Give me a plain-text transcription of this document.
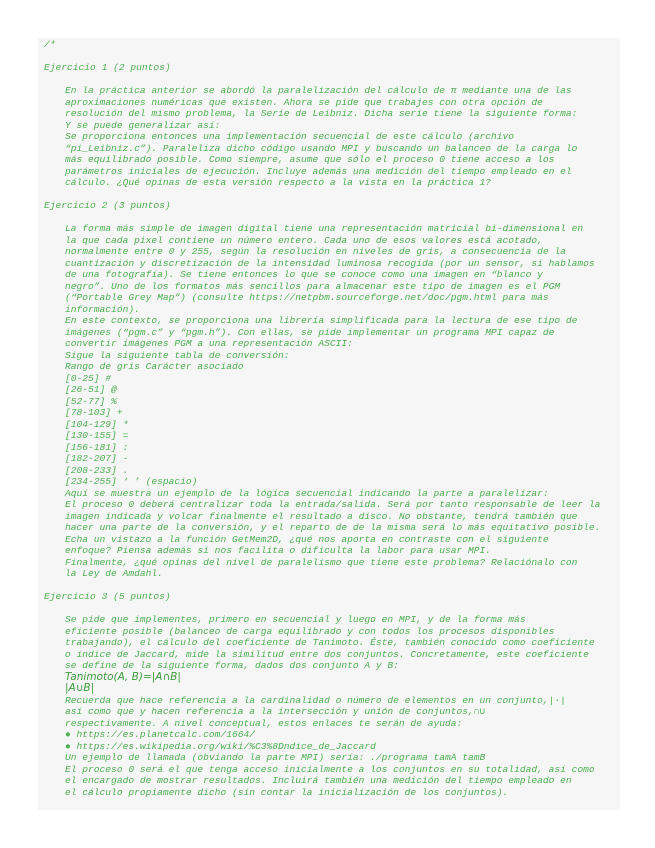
/*
Ejercicio 1 (2 puntos)
En la práctica anterior se abordó la paralelización del cálculo de π mediante una de las
aproximaciones numéricas que existen. Ahora se pide que trabajes con otra opción de
resolución del mismo problema, la Serie de Leibniz. Dicha serie tiene la siguiente forma:
Y se puede generalizar así:
Se proporciona entonces una implementación secuencial de este cálculo (archivo
“pi_Leibniz.c”). Paraleliza dicho código usando MPI y buscando un balanceo de la carga lo
más equilibrado posible. Como siempre, asume que sólo el proceso 0 tiene acceso a los
parámetros iniciales de ejecución. Incluye además una medición del tiempo empleado en el
cálculo. ¿Qué opinas de esta versión respecto a la vista en la práctica 1?
Ejercicio 2 (3 puntos)
La forma más simple de imagen digital tiene una representación matricial bi-dimensional en
la que cada pixel contiene un número entero. Cada uno de esos valores está acotado,
normalmente entre 0 y 255, según la resolución en niveles de gris, a consecuencia de la
cuantización y discretización de la intensidad luminosa recogida (por un sensor, si hablamos
de una fotografía). Se tiene entonces lo que se conoce como una imagen en “blanco y
negro”. Uno de los formatos más sencillos para almacenar este tipo de imagen es el PGM
(“Portable Grey Map”) (consulte https://netpbm.sourceforge.net/doc/pgm.html para más
información).
En este contexto, se proporciona una librería simplificada para la lectura de ese tipo de
imágenes (“pgm.c” y “pgm.h”). Con ellas, se pide implementar un programa MPI capaz de
convertir imágenes PGM a una representación ASCII:
Sigue la siguiente tabla de conversión:
Rango de gris Carácter asociado
[0-25] #
[26-51] @
[52-77] %
[78-103] +
[104-129] *
[130-155] =
[156-181] :
[182-207] -
[208-233] .
[234-255] ‘ ’ (espacio)
Aquí se muestra un ejemplo de la lógica secuencial indicando la parte a paralelizar:
El proceso 0 deberá centralizar toda la entrada/salida. Será por tanto responsable de leer la
imagen indicada y volcar finalmente el resultado a disco. No obstante, tendrá también que
hacer una parte de la conversión, y el reparto de de la misma será lo más equitativo posible.
Echa un vistazo a la función GetMem2D, ¿qué nos aporta en contraste con el siguiente
enfoque? Piensa además si nos facilita o dificulta la labor para usar MPI.
Finalmente, ¿qué opinas del nivel de paralelismo que tiene este problema? Relaciónalo con
la Ley de Amdahl.
Ejercicio 3 (5 puntos)
Se pide que implementes, primero en secuencial y luego en MPI, y de la forma más
eficiente posible (balanceo de carga equilibrado y con todos los procesos disponibles
trabajando), el cálculo del coeficiente de Tanimoto. Éste, también conocido como coeficiente
o índice de Jaccard, mide la similitud entre dos conjuntos. Concretamente, este coeficiente
se define de la siguiente forma, dados dos conjunto A y B:
Tanimoto(A, B)=|A∩B|
|A∪B|
Recuerda que hace referencia a la cardinalidad o número de elementos en un conjunto,|·|
así como que y hacen referencia a la intersección y unión de conjuntos,∩∪
respectivamente. A nivel conceptual, estos enlaces te serán de ayuda:
● https://es.planetcalc.com/1664/
● https://es.wikipedia.org/wiki/%C3%8Dndice_de_Jaccard
Un ejemplo de llamada (obviando la parte MPI) sería: ./programa tamA tamB
El proceso 0 será el que tenga acceso inicialmente a los conjuntos en su totalidad, así como
el encargado de mostrar resultados. Incluirá también una medición del tiempo empleado en
el cálculo propiamente dicho (sin contar la inicialización de los conjuntos).
